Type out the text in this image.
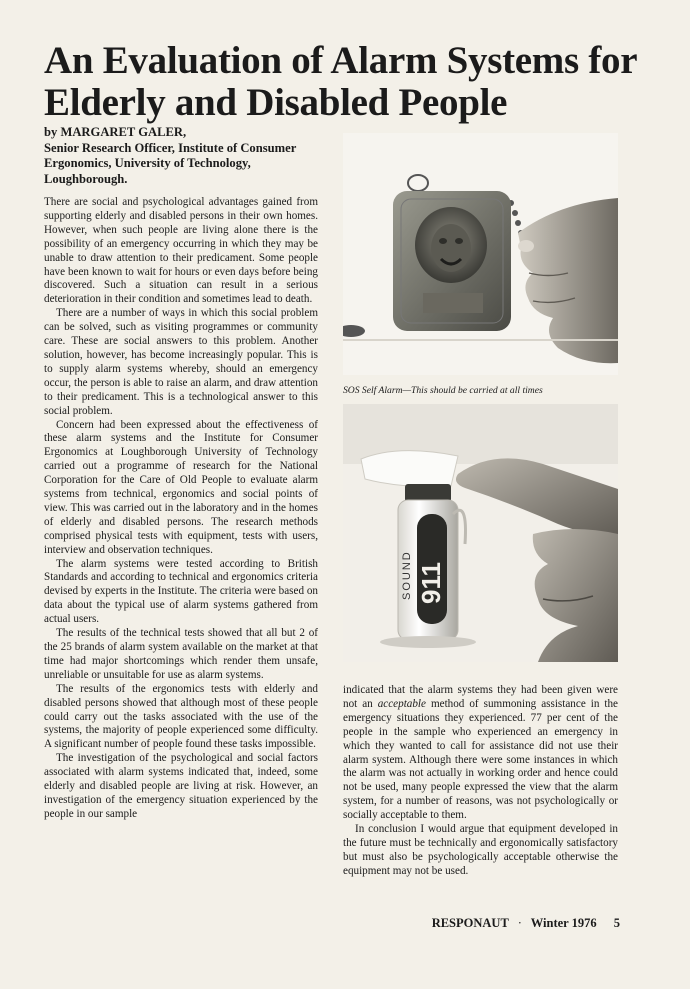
An Evaluation of Alarm Systems for
Elderly and Disabled People
by MARGARET GALER,
Senior Research Officer, Institute of Consumer
Ergonomics, University of Technology,
Loughborough.

There are social and psychological advantages gained from supporting elderly and disabled persons in their own homes. However, when such people are living alone there is the possibility of an emergency occurring in which they may be unable to draw attention to their predicament. Some people have been known to wait for hours or even days before being discovered. Such a situation can result in a serious deterioration in their condition and sometimes lead to death.

There are a number of ways in which this social problem can be solved, such as visiting programmes or community care. These are social answers to this problem. Another solution, however, has become increasingly popular. This is to supply alarm systems whereby, should an emergency occur, the person is able to raise an alarm, and draw attention to their predicament. This is a technological answer to this social problem.

Concern had been expressed about the effectiveness of these alarm systems and the Institute for Consumer Ergonomics at Loughborough University of Technology carried out a programme of research for the National Corporation for the Care of Old People to evaluate alarm systems from technical, ergonomics and social points of view. This was carried out in the laboratory and in the homes of elderly and disabled persons. The research methods comprised physical tests with equipment, tests with users, interview and observation techniques.

The alarm systems were tested according to British Standards and according to technical and ergonomics criteria devised by experts in the Institute. The criteria were based on data about the typical use of alarm systems gathered from actual users.

The results of the technical tests showed that all but 2 of the 25 brands of alarm system available on the market at that time had major shortcomings which render them unsafe, unreliable or unsuitable for use as alarm systems.

The results of the ergonomics tests with elderly and disabled persons showed that although most of these people could carry out the tasks associated with the use of the systems, the majority of people experienced some difficulty. A significant number of people found these tasks impossible.

The investigation of the psychological and social factors associated with alarm systems indicated that, indeed, some elderly and disabled people are living at risk. However, an investigation of the emergency situation experienced by the people in our sample

SOS Self Alarm—This should be carried at all times
SOUND 911

indicated that the alarm systems they had been given were not an acceptable method of summoning assistance in the emergency situations they experienced. 77 per cent of the people in the sample who experienced an emergency in which they wanted to call for assistance did not use their alarm system. Although there were some instances in which the alarm was not actually in working order and hence could not be used, many people expressed the view that the alarm system, for a number of reasons, was not psychologically or socially acceptable to them.

In conclusion I would argue that equipment developed in the future must be technically and ergonomically satisfactory but must also be psychologically acceptable otherwise the equipment may not be used.

RESPONAUT · Winter 1976 5
